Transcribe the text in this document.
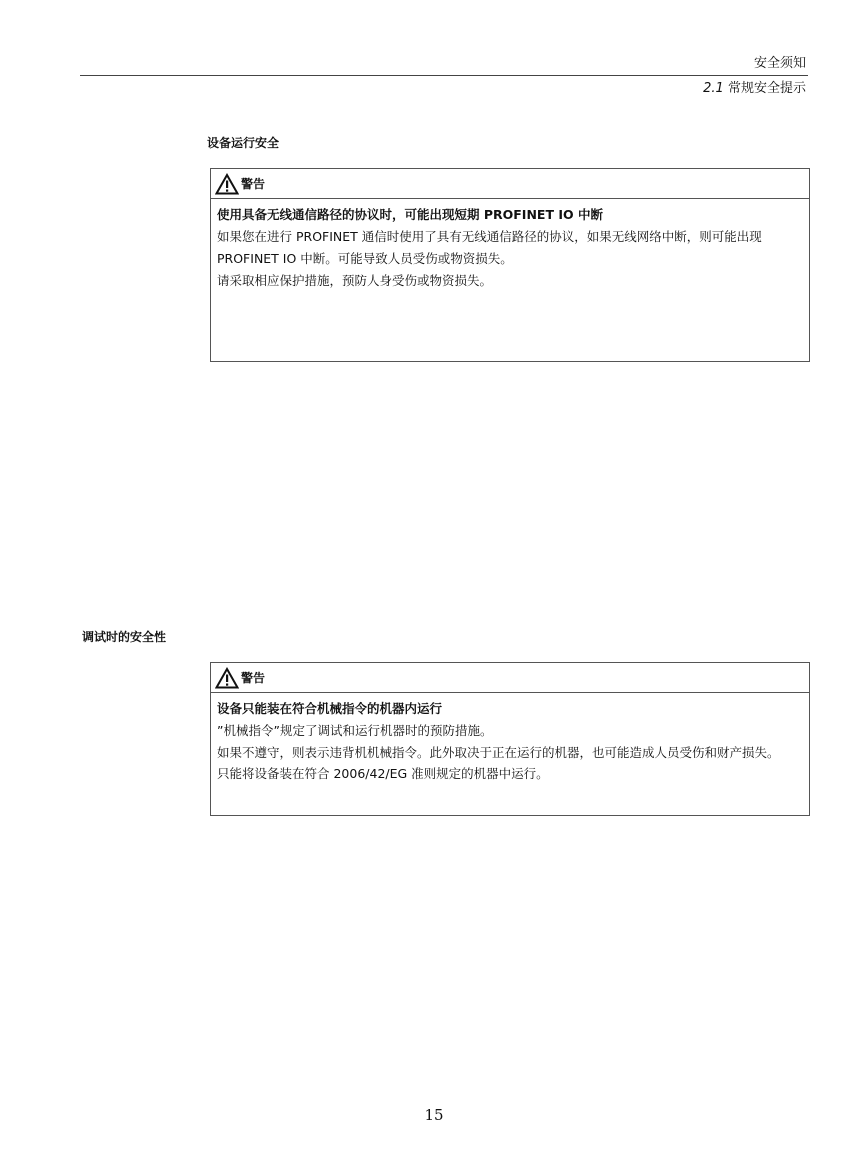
安全须知
2.1 常规安全提示
设备运行安全
警告
使用具备无线通信路径的协议时，可能出现短期 PROFINET IO 中断

如果您在进行 PROFINET 通信时使用了具有无线通信路径的协议，如果无线网络中断，则可能出现 PROFINET IO 中断。可能导致人员受伤或物资损失。

请采取相应保护措施，预防人身受伤或物资损失。

调试时的安全性
警告
设备只能装在符合机械指令的机器内运行

”机械指令”规定了调试和运行机器时的预防措施。

如果不遵守，则表示违背机机械指令。此外取决于正在运行的机器，也可能造成人员受伤和财产损失。

只能将设备装在符合 2006/42/EG 准则规定的机器中运行。

15
